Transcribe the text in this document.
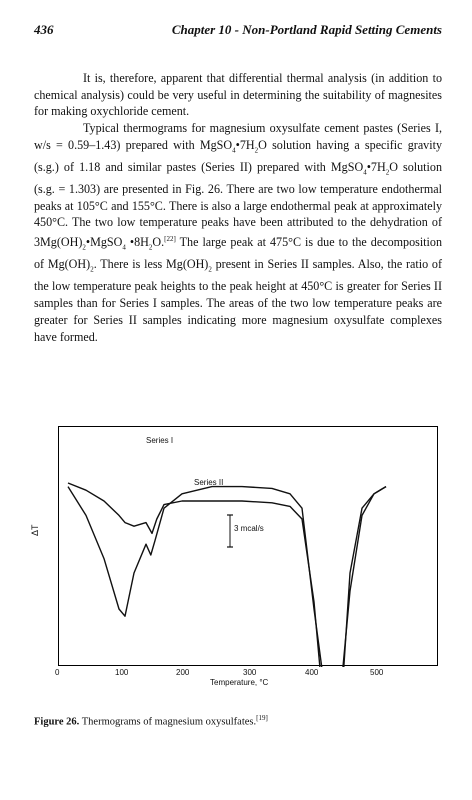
436	Chapter 10 - Non-Portland Rapid Setting Cements

It is, therefore, apparent that differential thermal analysis (in addition to chemical analysis) could be very useful in determining the suitability of magnesites for making oxychloride cement.

Typical thermograms for magnesium oxysulfate cement pastes (Series I, w/s = 0.59–1.43) prepared with $MgSO_4•7H_2O$ solution having a specific gravity (s.g.) of 1.18 and similar pastes (Series II) prepared with $MgSO_4•7H_2O$ solution (s.g. = 1.303) are presented in Fig. 26. There are two low temperature endothermal peaks at 105°C and 155°C. There is also a large endothermal peak at approximately 450°C. The two low temperature peaks have been attributed to the dehydration of $3Mg(OH)_2•MgSO_4$ $•8H_2O.[22]$ The large peak at 475°C is due to the decomposition of $Mg(OH)_2$. There is less $Mg(OH)_2$ present in Series II samples. Also, the ratio of the low temperature peak heights to the peak height at 450°C is greater for Series II samples than for Series I samples. The areas of the two low temperature peaks are greater for Series II samples indicating more magnesium oxysulfate complexes have formed.

Series I
Series II
3 mcal/s
0	100	200	300	400	500
Temperature, °C
ΔT
Figure 26. Thermograms of magnesium oxysulfates.[19]
